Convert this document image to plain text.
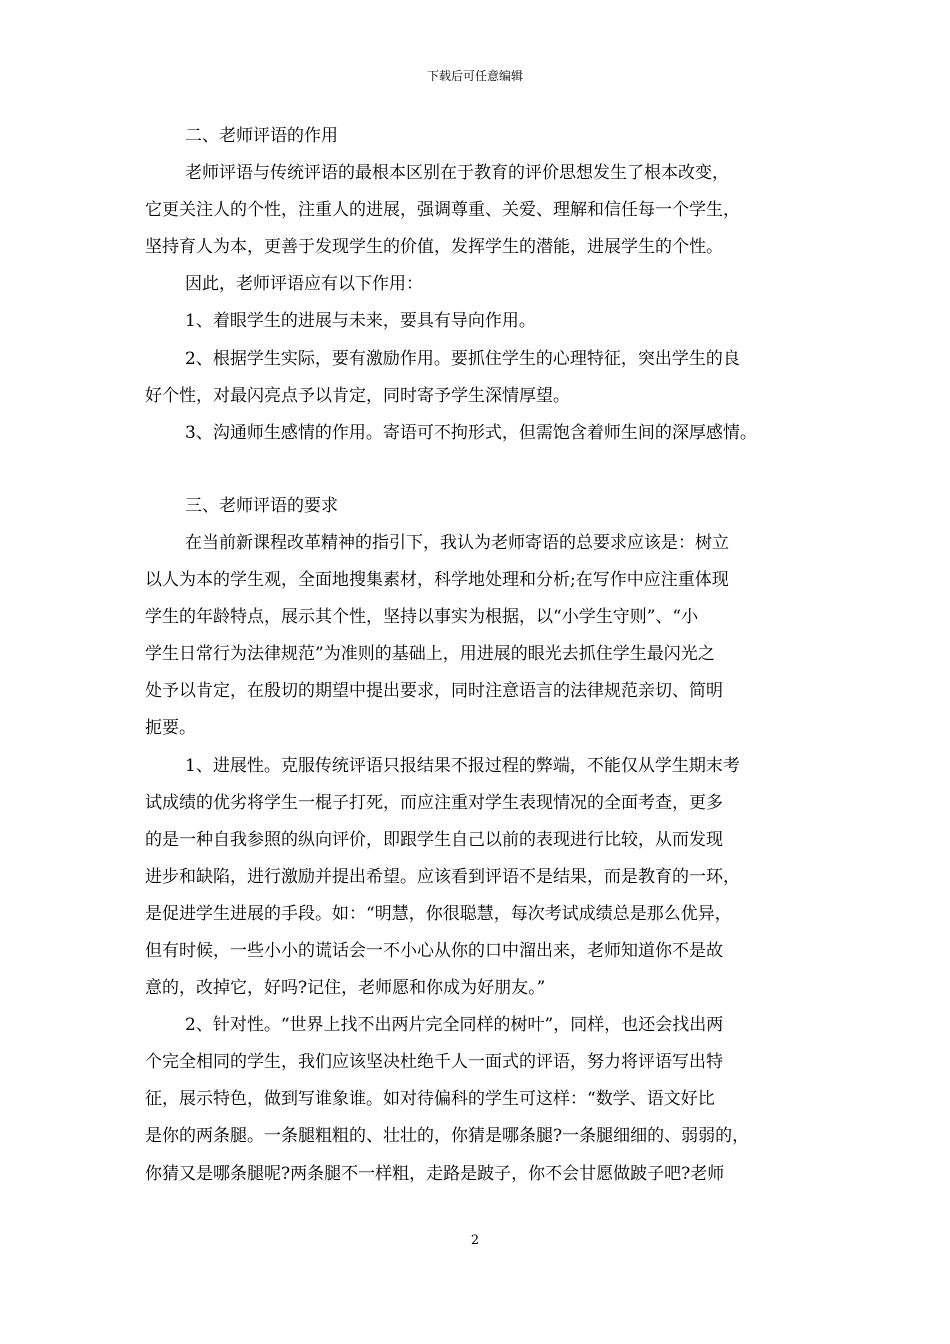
下载后可任意编辑
二、老师评语的作用
老师评语与传统评语的最根本区别在于教育的评价思想发生了根本改变，
它更关注人的个性，注重人的进展，强调尊重、关爱、理解和信任每一个学生，
坚持育人为本，更善于发现学生的价值，发挥学生的潜能，进展学生的个性。
因此，老师评语应有以下作用：
1、着眼学生的进展与未来，要具有导向作用。
2、根据学生实际，要有激励作用。要抓住学生的心理特征，突出学生的良
好个性，对最闪亮点予以肯定，同时寄予学生深情厚望。
3、沟通师生感情的作用。寄语可不拘形式，但需饱含着师生间的深厚感情。
三、老师评语的要求
在当前新课程改革精神的指引下，我认为老师寄语的总要求应该是：树立
以人为本的学生观，全面地搜集素材，科学地处理和分析;在写作中应注重体现
学生的年龄特点，展示其个性，坚持以事实为根据，以“小学生守则”、“小
学生日常行为法律规范”为准则的基础上，用进展的眼光去抓住学生最闪光之
处予以肯定，在殷切的期望中提出要求，同时注意语言的法律规范亲切、简明
扼要。
1、进展性。克服传统评语只报结果不报过程的弊端，不能仅从学生期末考
试成绩的优劣将学生一棍子打死，而应注重对学生表现情况的全面考查，更多
的是一种自我参照的纵向评价，即跟学生自己以前的表现进行比较，从而发现
进步和缺陷，进行激励并提出希望。应该看到评语不是结果，而是教育的一环，
是促进学生进展的手段。如：“明慧，你很聪慧，每次考试成绩总是那么优异，
但有时候，一些小小的谎话会一不小心从你的口中溜出来，老师知道你不是故
意的，改掉它，好吗?记住，老师愿和你成为好朋友。”
2、针对性。“世界上找不出两片完全同样的树叶”，同样，也还会找出两
个完全相同的学生，我们应该坚决杜绝千人一面式的评语，努力将评语写出特
征，展示特色，做到写谁象谁。如对待偏科的学生可这样：“数学、语文好比
是你的两条腿。一条腿粗粗的、壮壮的，你猜是哪条腿?一条腿细细的、弱弱的，
你猜又是哪条腿呢?两条腿不一样粗，走路是跛子，你不会甘愿做跛子吧?老师
2
